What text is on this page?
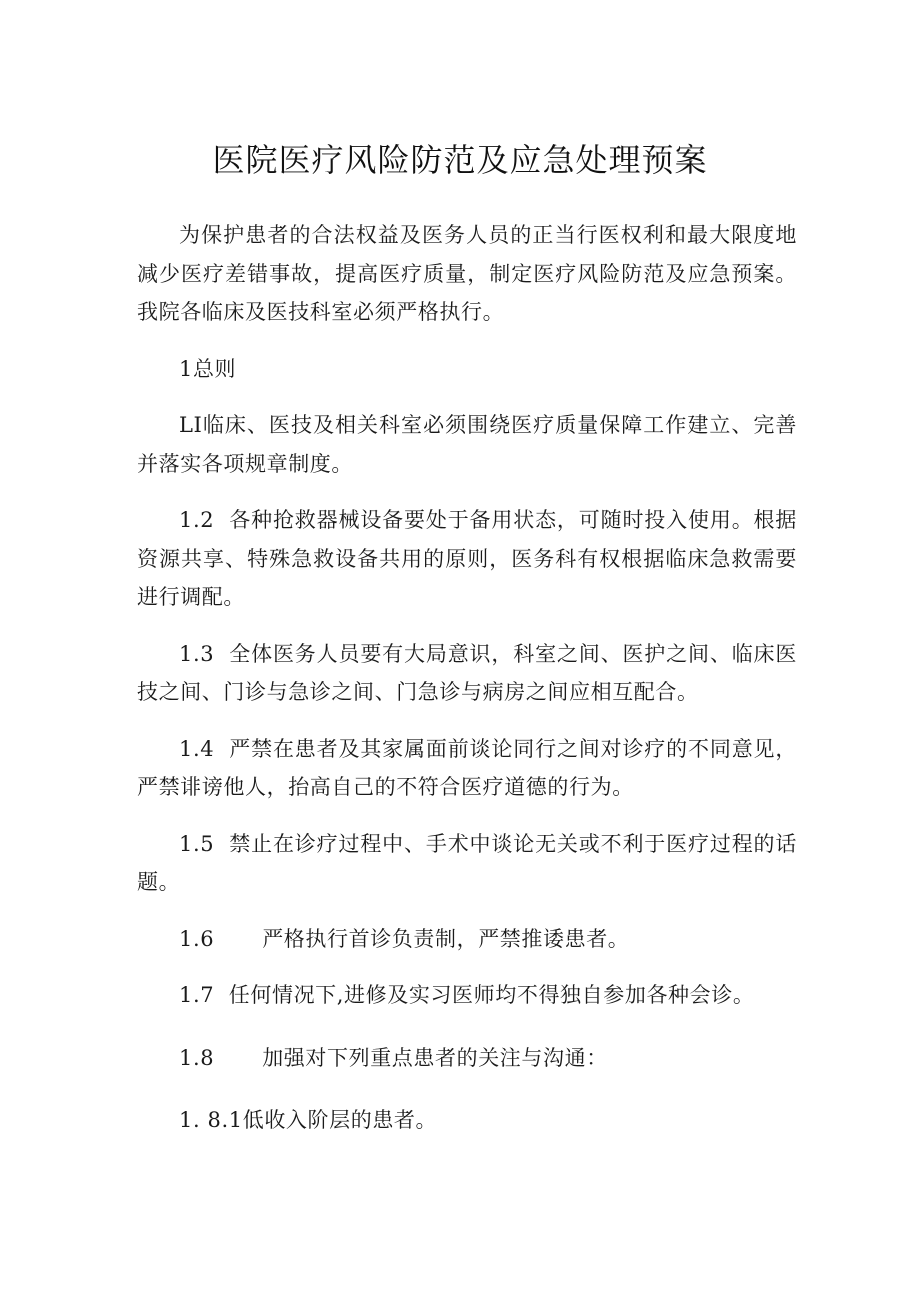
医院医疗风险防范及应急处理预案

为保护患者的合法权益及医务人员的正当行医权利和最大限度地减少医疗差错事故，提高医疗质量，制定医疗风险防范及应急预案。我院各临床及医技科室必须严格执行。

1总则

LI临床、医技及相关科室必须围绕医疗质量保障工作建立、完善并落实各项规章制度。

1.2 各种抢救器械设备要处于备用状态，可随时投入使用。根据资源共享、特殊急救设备共用的原则，医务科有权根据临床急救需要进行调配。

1.3 全体医务人员要有大局意识，科室之间、医护之间、临床医技之间、门诊与急诊之间、门急诊与病房之间应相互配合。

1.4 严禁在患者及其家属面前谈论同行之间对诊疗的不同意见，严禁诽谤他人，抬高自己的不符合医疗道德的行为。

1.5 禁止在诊疗过程中、手术中谈论无关或不利于医疗过程的话题。

1.6 严格执行首诊负责制，严禁推诿患者。

1.7 任何情况下,进修及实习医师均不得独自参加各种会诊。

1.8 加强对下列重点患者的关注与沟通：

1. 8.1低收入阶层的患者。
